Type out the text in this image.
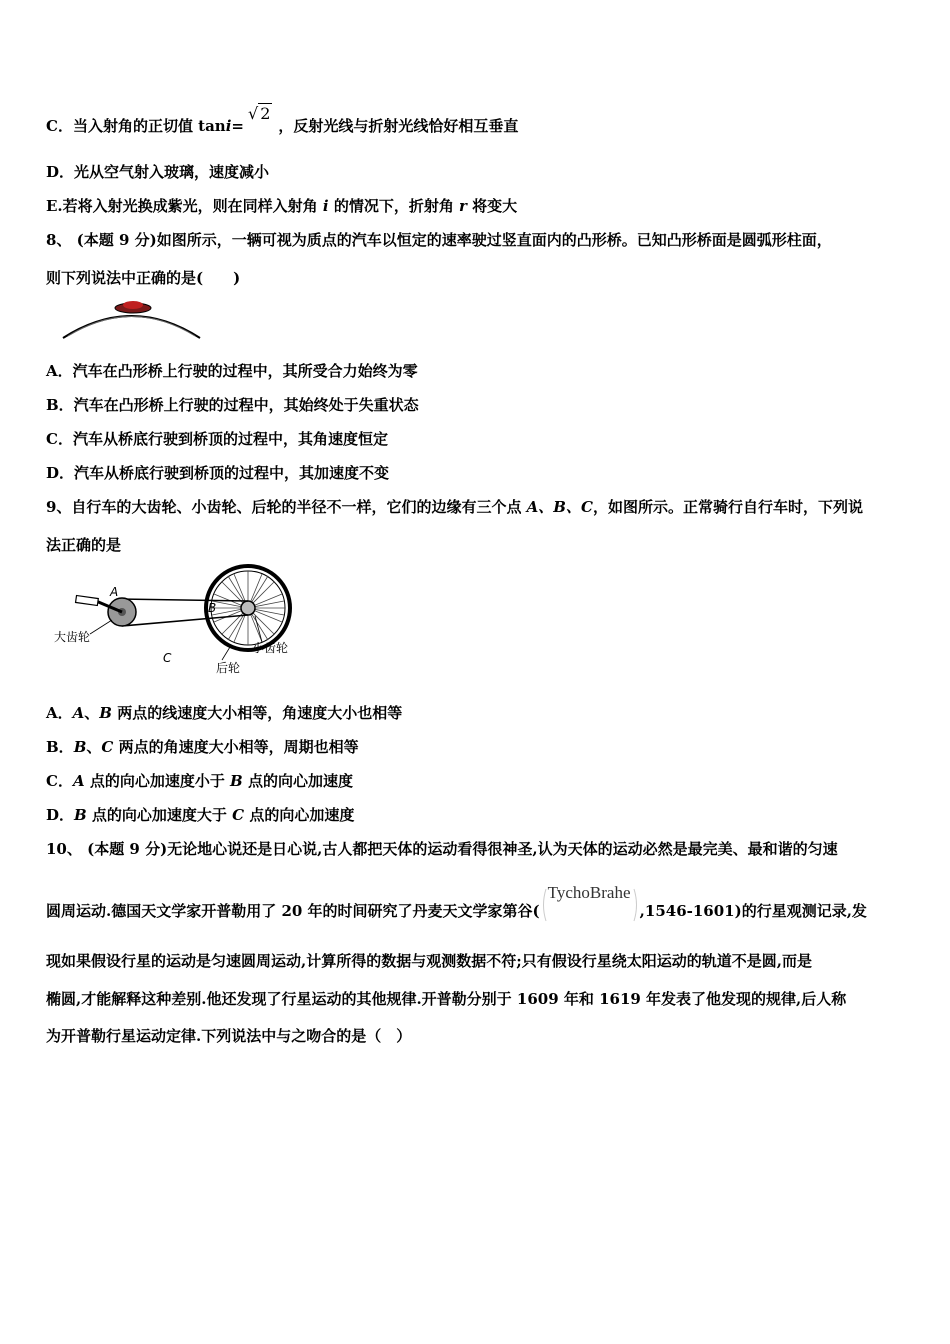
C．当入射角的正切值 tani=√ 2，反射光线与折射光线恰好相互垂直
D．光从空气射入玻璃，速度减小
E.若将入射光换成紫光，则在同样入射角 i 的情况下，折射角 r 将变大
8、 (本题 9 分)如图所示，一辆可视为质点的汽车以恒定的速率驶过竖直面内的凸形桥。已知凸形桥面是圆弧形柱面，
则下列说法中正确的是(　　)
A．汽车在凸形桥上行驶的过程中，其所受合力始终为零
B．汽车在凸形桥上行驶的过程中，其始终处于失重状态
C．汽车从桥底行驶到桥顶的过程中，其角速度恒定
D．汽车从桥底行驶到桥顶的过程中，其加速度不变
9、自行车的大齿轮、小齿轮、后轮的半径不一样，它们的边缘有三个点 A、B、C，如图所示。正常骑行自行车时，下列说
法正确的是
A
B
C
大齿轮
小齿轮
后轮
A．A、B 两点的线速度大小相等，角速度大小也相等
B．B、C 两点的角速度大小相等，周期也相等
C．A 点的向心加速度小于 B 点的向心加速度
D．B 点的向心加速度大于 C 点的向心加速度
10、 (本题 9 分)无论地心说还是日心说,古人都把天体的运动看得很神圣,认为天体的运动必然是最完美、最和谐的匀速
圆周运动.德国天文学家开普勒用了 20 年的时间研究了丹麦天文学家第谷(
TychoBrahe
,1546-1601)的行星观测记录,发
现如果假设行星的运动是匀速圆周运动,计算所得的数据与观测数据不符;只有假设行星绕太阳运动的轨道不是圆,而是
椭圆,才能解释这种差别.他还发现了行星运动的其他规律.开普勒分别于 1609 年和 1619 年发表了他发现的规律,后人称
为开普勒行星运动定律.下列说法中与之吻合的是（　）
